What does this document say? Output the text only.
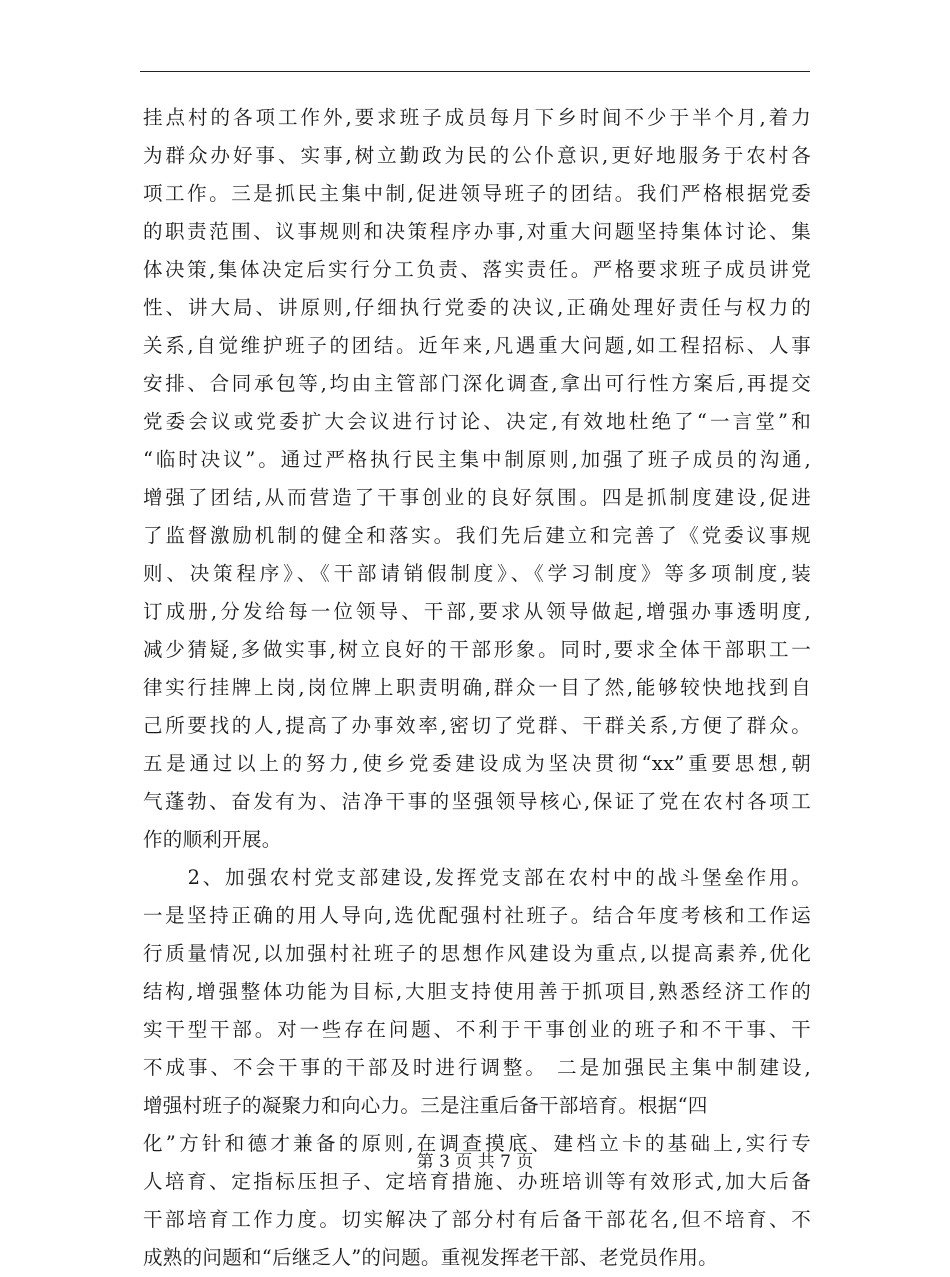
挂点村的各项工作外,要求班子成员每月下乡时间不少于半个月,着力
为群众办好事、实事,树立勤政为民的公仆意识,更好地服务于农村各
项工作。三是抓民主集中制,促进领导班子的团结。我们严格根据党委
的职责范围、议事规则和决策程序办事,对重大问题坚持集体讨论、集
体决策,集体决定后实行分工负责、落实责任。严格要求班子成员讲党
性、讲大局、讲原则,仔细执行党委的决议,正确处理好责任与权力的
关系,自觉维护班子的团结。近年来,凡遇重大问题,如工程招标、人事
安排、合同承包等,均由主管部门深化调查,拿出可行性方案后,再提交
党委会议或党委扩大会议进行讨论、决定,有效地杜绝了“一言堂”和
“临时决议”。通过严格执行民主集中制原则,加强了班子成员的沟通,
增强了团结,从而营造了干事创业的良好氛围。四是抓制度建设,促进
了监督激励机制的健全和落实。我们先后建立和完善了《党委议事规
则、决策程序》、《干部请销假制度》、《学习制度》等多项制度,装
订成册,分发给每一位领导、干部,要求从领导做起,增强办事透明度,
减少猜疑,多做实事,树立良好的干部形象。同时,要求全体干部职工一
律实行挂牌上岗,岗位牌上职责明确,群众一目了然,能够较快地找到自
己所要找的人,提高了办事效率,密切了党群、干群关系,方便了群众。
五是通过以上的努力,使乡党委建设成为坚决贯彻“xx”重要思想,朝
气蓬勃、奋发有为、洁净干事的坚强领导核心,保证了党在农村各项工
作的顺利开展。
　　2、加强农村党支部建设,发挥党支部在农村中的战斗堡垒作用。
一是坚持正确的用人导向,选优配强村社班子。结合年度考核和工作运
行质量情况,以加强村社班子的思想作风建设为重点,以提高素养,优化
结构,增强整体功能为目标,大胆支持使用善于抓项目,熟悉经济工作的
实干型干部。对一些存在问题、不利于干事创业的班子和不干事、干
不成事、不会干事的干部及时进行调整。 二是加强民主集中制建设,
增强村班子的凝聚力和向心力。三是注重后备干部培育。根据“四
化”方针和德才兼备的原则,在调查摸底、建档立卡的基础上,实行专
人培育、定指标压担子、定培育措施、办班培训等有效形式,加大后备
干部培育工作力度。切实解决了部分村有后备干部花名,但不培育、不
成熟的问题和“后继乏人”的问题。重视发挥老干部、老党员作用。
第 3 页 共 7 页
